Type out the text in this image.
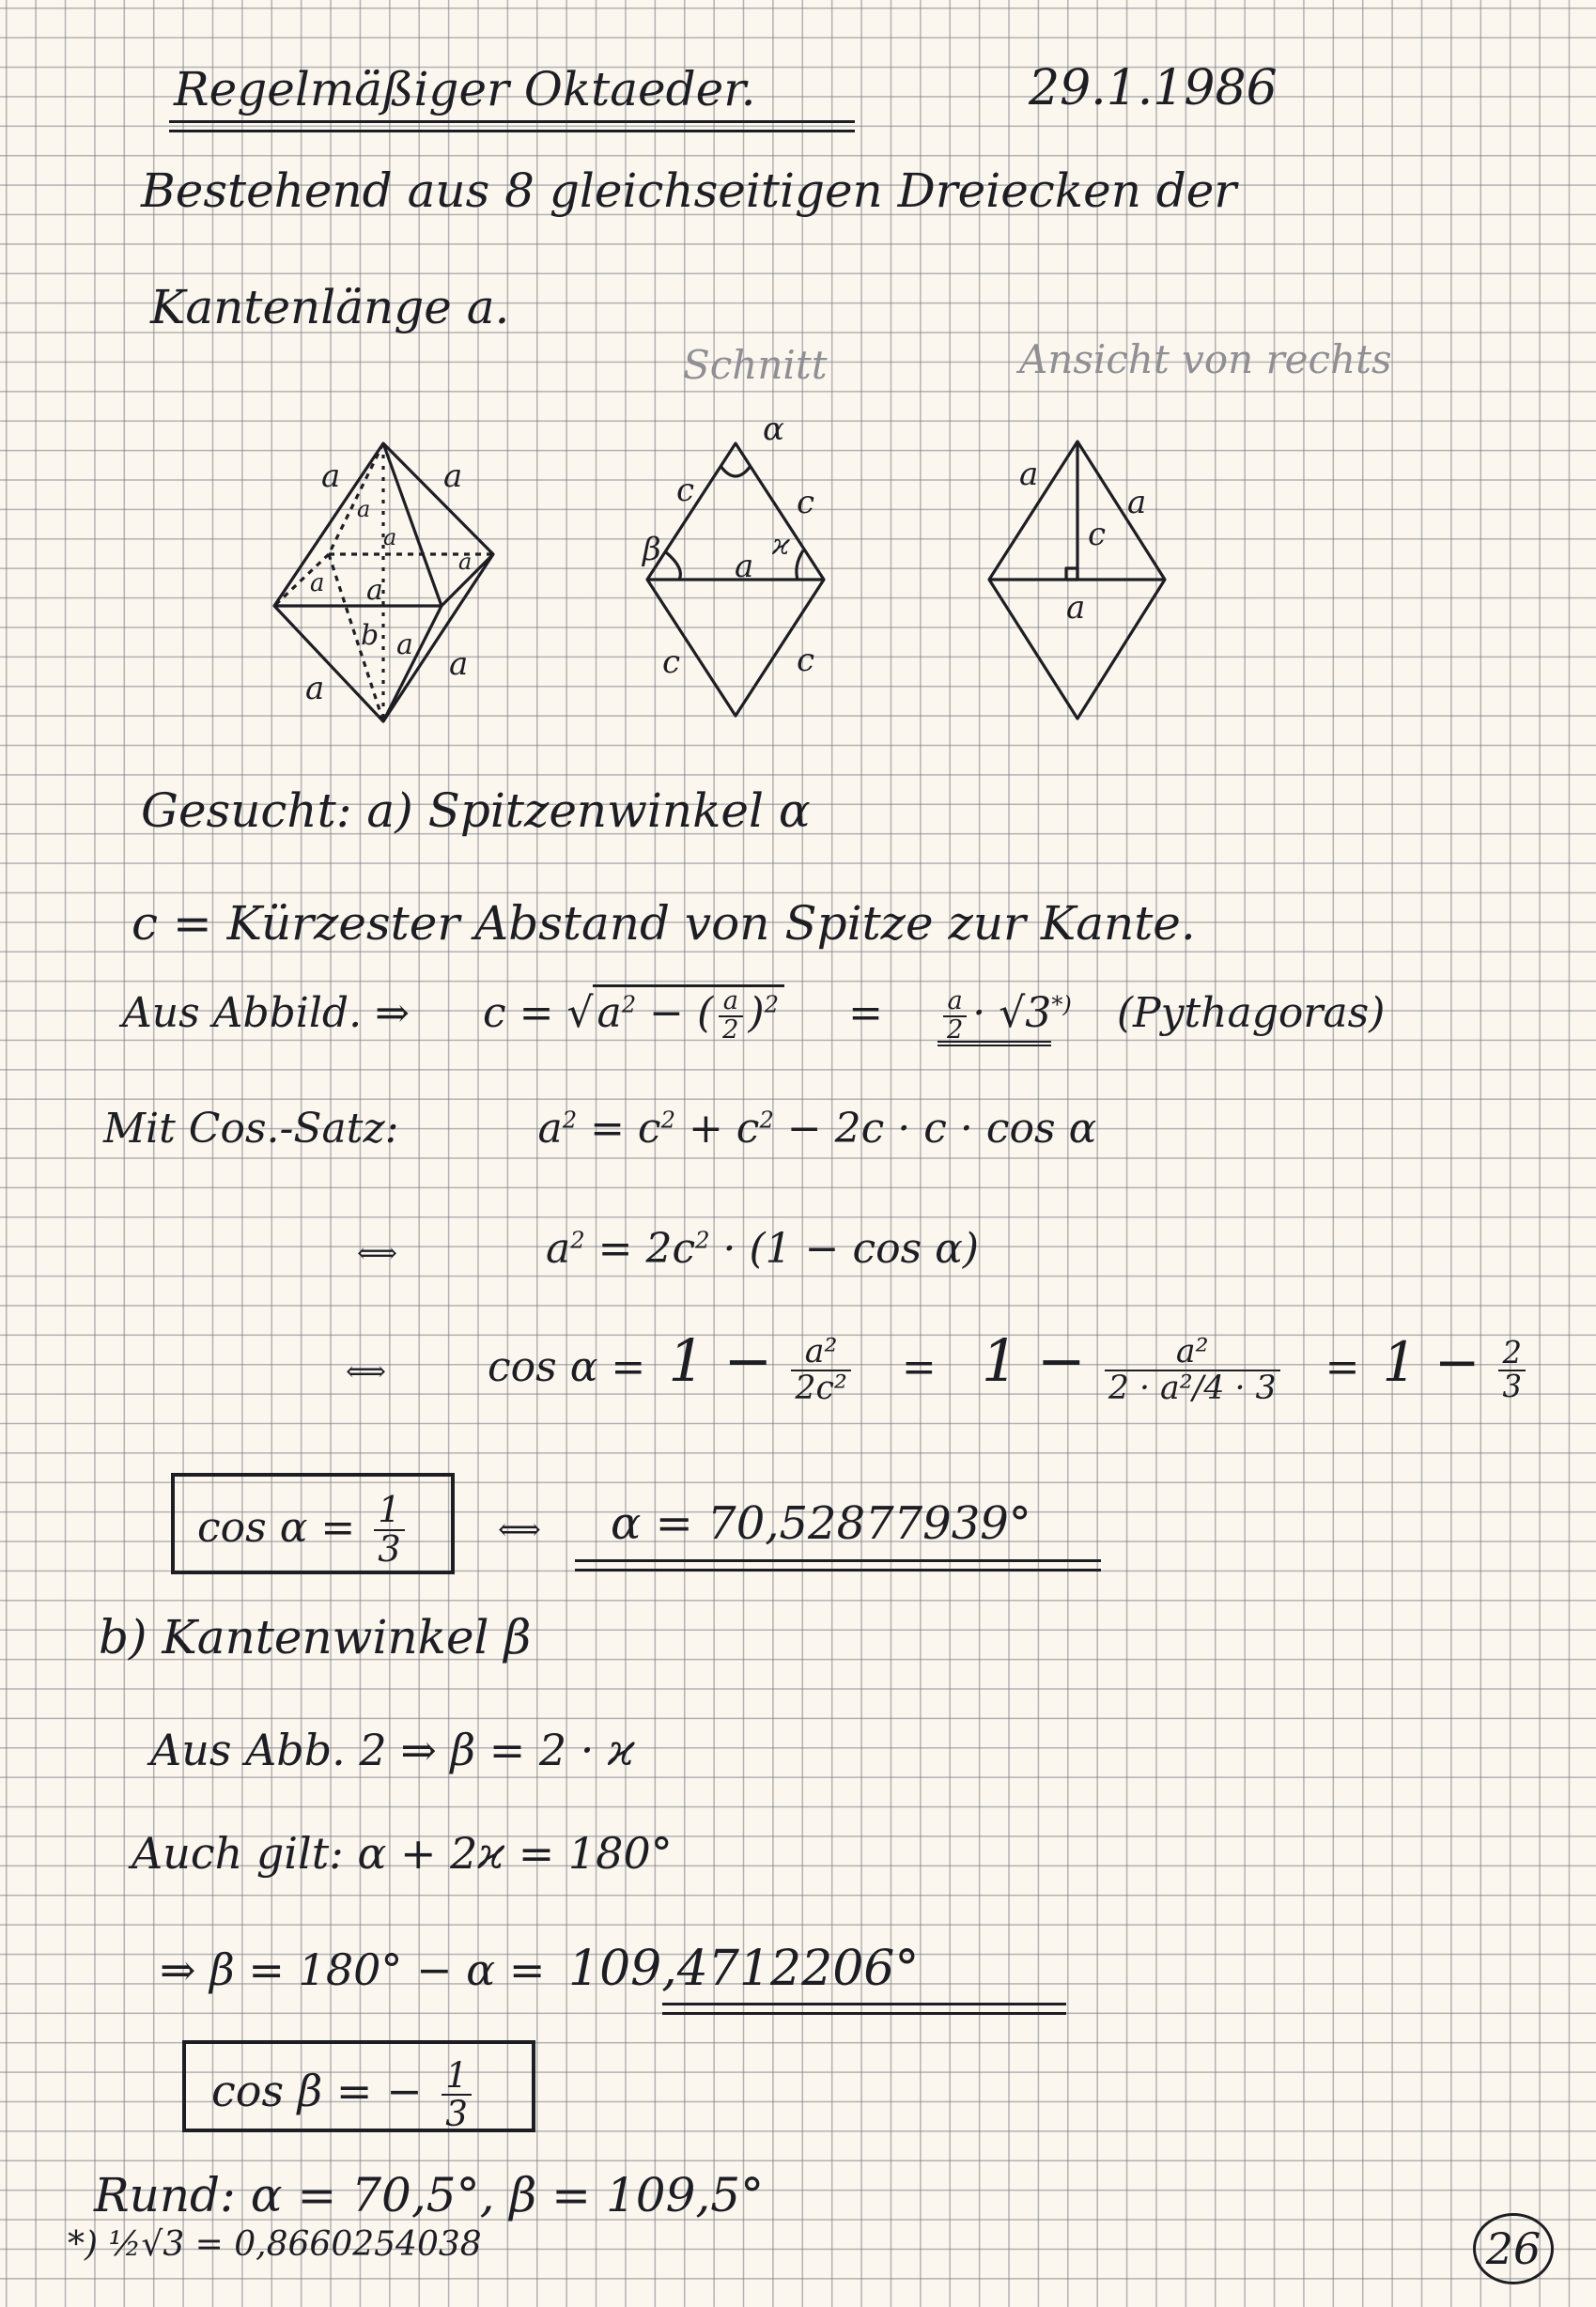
Regelmäßiger Oktaeder.	29.1.1986
Bestehend aus 8 gleichseitigen Dreiecken der
Kantenlänge a.
Schnitt	Ansicht von rechts
a	a
a
a
a
a a
b a
a
a
α
c	c
β a
ϰ
c	c
a
a
c
a
Gesucht: a) Spitzenwinkel α
c = Kürzester Abstand von Spitze zur Kante.
Aus Abbild. ⇒ $c = √a^2$ − ( $\frac{a}{2} )^2 = \frac{a}{2} \cdot √3^{*)}$ (Pythagoras)
Mit Cos.-Satz:	$a^2 = c^2 + c^2 - 2c \cdot c \cdot \cos \alpha$
⟺	$a^2 = 2c^2 \cdot (1 - \cos \alpha)$
⟺ $\cos \alpha = 1 - \frac{\text{a²}}{\text{2c²}} = 1 - \frac{\text{a²}}{\text{2 · a²/4 · 3}} = 1 - \frac{2}{3}$
$\cos \alpha = \frac{1}{3}$	⟺ α = 70,52877939°
b) Kantenwinkel β
Aus Abb. 2 ⇒ β = 2 · ϰ
Auch gilt: α + 2ϰ = 180°
⇒ β = 180° − α = 109,4712206°
cos β = − $\frac{1}{3}$
Rund: α = 70,5°, β = 109,5°
*) ½√3 = 0,8660254038	26
